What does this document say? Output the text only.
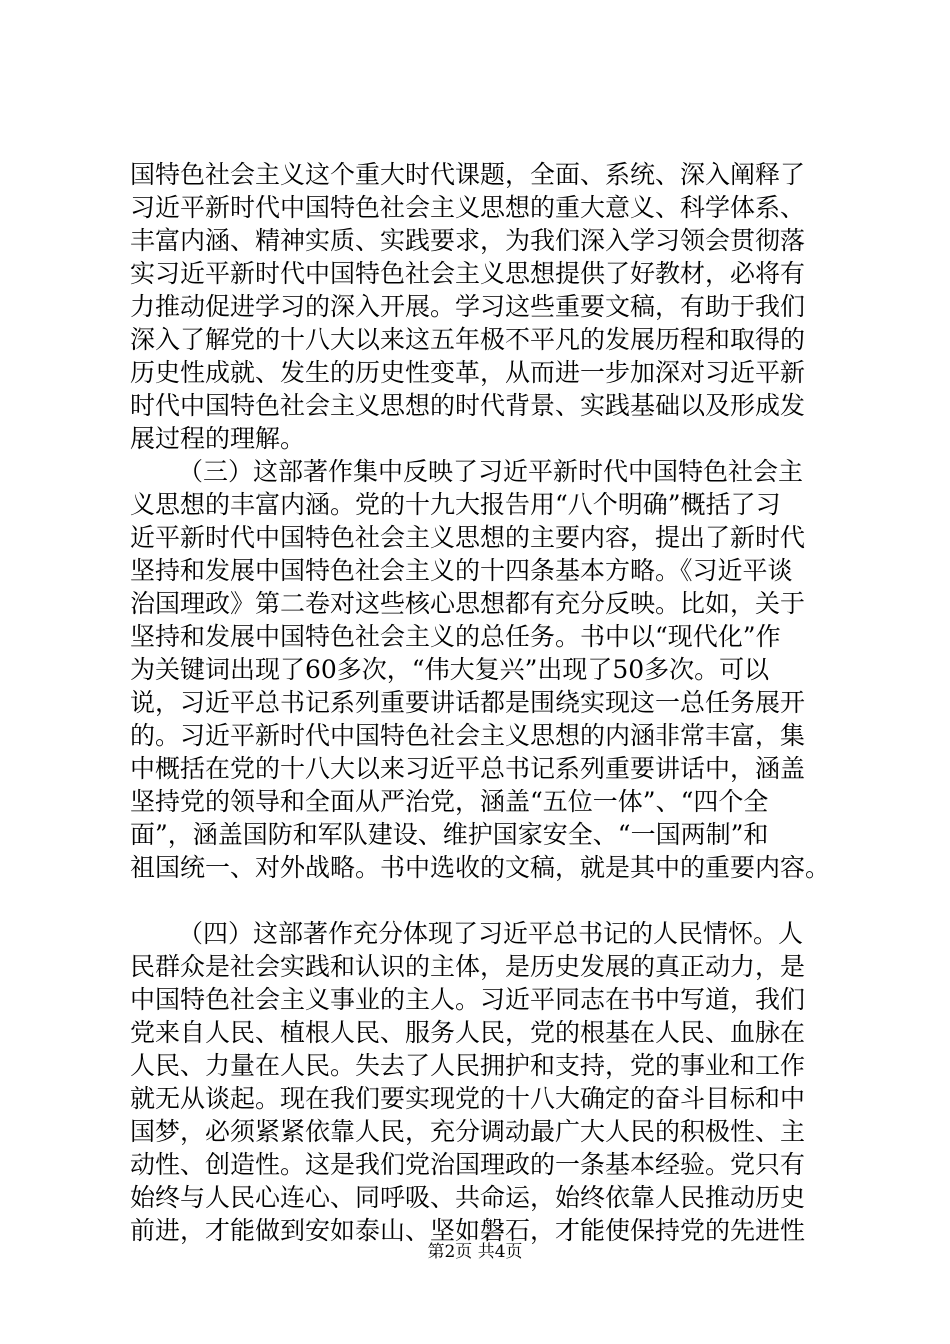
国特色社会主义这个重大时代课题，全面、系统、深入阐释了
习近平新时代中国特色社会主义思想的重大意义、科学体系、
丰富内涵、精神实质、实践要求，为我们深入学习领会贯彻落
实习近平新时代中国特色社会主义思想提供了好教材，必将有
力推动促进学习的深入开展。学习这些重要文稿，有助于我们
深入了解党的十八大以来这五年极不平凡的发展历程和取得的
历史性成就、发生的历史性变革，从而进一步加深对习近平新
时代中国特色社会主义思想的时代背景、实践基础以及形成发
展过程的理解。
（三）这部著作集中反映了习近平新时代中国特色社会主
义思想的丰富内涵。党的十九大报告用“八个明确”概括了习
近平新时代中国特色社会主义思想的主要内容，提出了新时代
坚持和发展中国特色社会主义的十四条基本方略。《习近平谈
治国理政》第二卷对这些核心思想都有充分反映。比如，关于
坚持和发展中国特色社会主义的总任务。书中以“现代化”作
为关键词出现了60多次，“伟大复兴”出现了50多次。可以
说，习近平总书记系列重要讲话都是围绕实现这一总任务展开
的。习近平新时代中国特色社会主义思想的内涵非常丰富，集
中概括在党的十八大以来习近平总书记系列重要讲话中，涵盖
坚持党的领导和全面从严治党，涵盖“五位一体”、“四个全
面”，涵盖国防和军队建设、维护国家安全、“一国两制”和
祖国统一、对外战略。书中选收的文稿，就是其中的重要内容。
（四）这部著作充分体现了习近平总书记的人民情怀。人
民群众是社会实践和认识的主体，是历史发展的真正动力，是
中国特色社会主义事业的主人。习近平同志在书中写道，我们
党来自人民、植根人民、服务人民，党的根基在人民、血脉在
人民、力量在人民。失去了人民拥护和支持，党的事业和工作
就无从谈起。现在我们要实现党的十八大确定的奋斗目标和中
国梦，必须紧紧依靠人民，充分调动最广大人民的积极性、主
动性、创造性。这是我们党治国理政的一条基本经验。党只有
始终与人民心连心、同呼吸、共命运，始终依靠人民推动历史
前进，才能做到安如泰山、坚如磐石，才能使保持党的先进性
第2页 共4页
